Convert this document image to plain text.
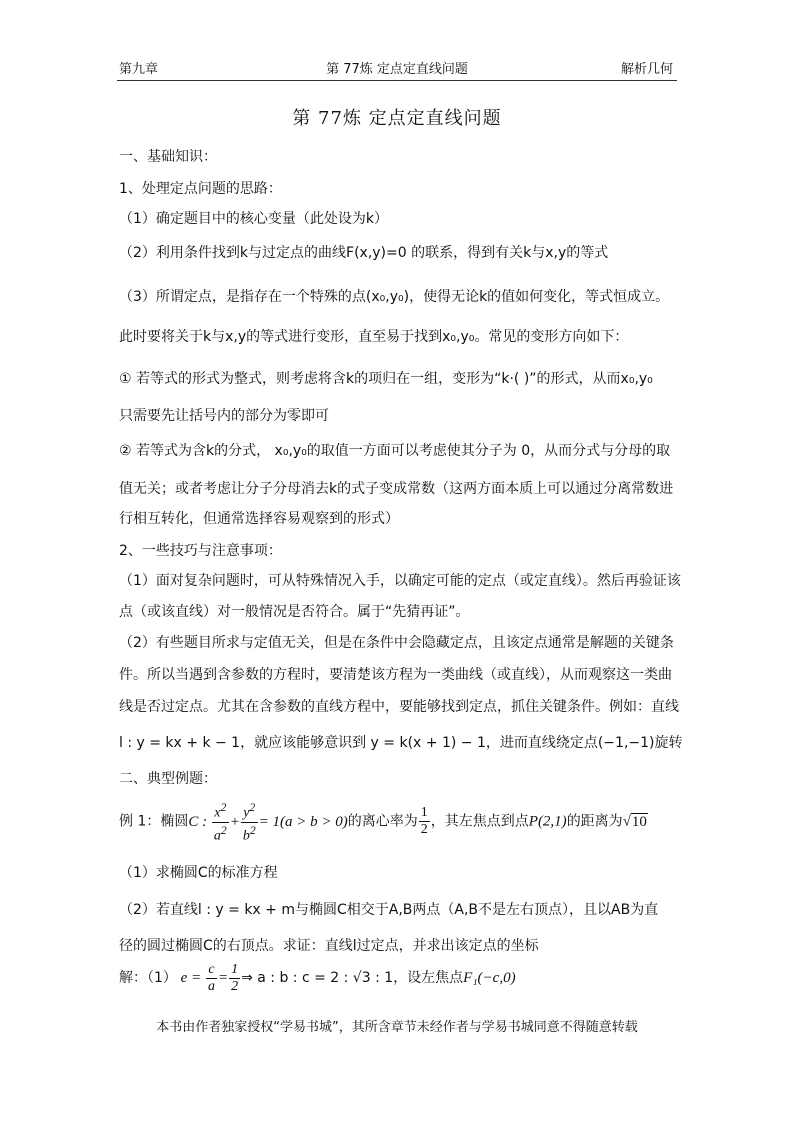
第九章	第 77炼 定点定直线问题	解析几何
第 77炼 定点定直线问题
一、基础知识：
1、处理定点问题的思路：
（1）确定题目中的核心变量（此处设为k）
（2）利用条件找到k与过定点的曲线F(x,y)=0 的联系，得到有关k与x,y的等式
（3）所谓定点，是指存在一个特殊的点(x₀,y₀)，使得无论k的值如何变化，等式恒成立。
此时要将关于k与x,y的等式进行变形，直至易于找到x₀,y₀。常见的变形方向如下：
① 若等式的形式为整式，则考虑将含k的项归在一组，变形为“k·( )”的形式，从而x₀,y₀
只需要先让括号内的部分为零即可
② 若等式为含k的分式， x₀,y₀的取值一方面可以考虑使其分子为 0，从而分式与分母的取
值无关；或者考虑让分子分母消去k的式子变成常数（这两方面本质上可以通过分离常数进
行相互转化，但通常选择容易观察到的形式）
2、一些技巧与注意事项：
（1）面对复杂问题时，可从特殊情况入手，以确定可能的定点（或定直线）。然后再验证该
点（或该直线）对一般情况是否符合。属于“先猜再证”。
（2）有些题目所求与定值无关，但是在条件中会隐藏定点，且该定点通常是解题的关键条
件。所以当遇到含参数的方程时，要清楚该方程为一类曲线（或直线），从而观察这一类曲
线是否过定点。尤其在含参数的直线方程中，要能够找到定点，抓住关键条件。例如：直线
l : y = kx + k − 1，就应该能够意识到 y = k(x + 1) − 1，进而直线绕定点(−1,−1)旋转
二、典型例题：
例 1：椭圆C : $\frac{x^2}{a^2} + \frac{y^2}{b^2} = 1(a > b > 0)$的离心率为 $\frac{1}{2}$ ，其左焦点到点P(2,1)的距离为√10
（1）求椭圆C的标准方程
（2）若直线l : y = kx + m与椭圆C相交于A,B两点（A,B不是左右顶点），且以AB为直
径的圆过椭圆C的右顶点。求证：直线l过定点，并求出该定点的坐标
解：（1） $e = \frac{c}{a} = \frac{1}{2}$ ⇒ a : b : c = 2 : √3 : 1，设左焦点F₁(−c,0)
本书由作者独家授权“学易书城”，其所含章节未经作者与学易书城同意不得随意转载
